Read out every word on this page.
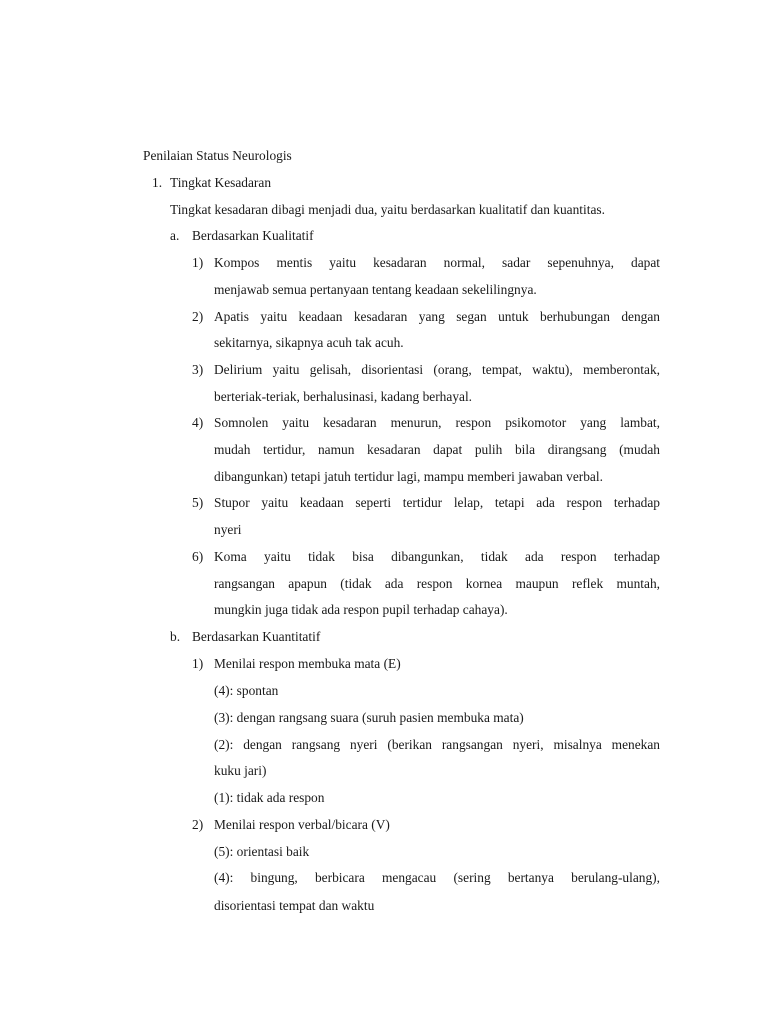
Penilaian Status Neurologis
1. Tingkat Kesadaran
Tingkat kesadaran dibagi menjadi dua, yaitu berdasarkan kualitatif dan kuantitas.
a. Berdasarkan Kualitatif
1) Kompos mentis yaitu kesadaran normal, sadar sepenuhnya, dapat
menjawab semua pertanyaan tentang keadaan sekelilingnya.
2) Apatis yaitu keadaan kesadaran yang segan untuk berhubungan dengan
sekitarnya, sikapnya acuh tak acuh.
3) Delirium yaitu gelisah, disorientasi (orang, tempat, waktu), memberontak,
berteriak-teriak, berhalusinasi, kadang berhayal.
4) Somnolen yaitu kesadaran menurun, respon psikomotor yang lambat,
mudah tertidur, namun kesadaran dapat pulih bila dirangsang (mudah
dibangunkan) tetapi jatuh tertidur lagi, mampu memberi jawaban verbal.
5) Stupor yaitu keadaan seperti tertidur lelap, tetapi ada respon terhadap
nyeri
6) Koma yaitu tidak bisa dibangunkan, tidak ada respon terhadap
rangsangan apapun (tidak ada respon kornea maupun reflek muntah,
mungkin juga tidak ada respon pupil terhadap cahaya).
b. Berdasarkan Kuantitatif
1) Menilai respon membuka mata (E)
(4): spontan
(3): dengan rangsang suara (suruh pasien membuka mata)
(2): dengan rangsang nyeri (berikan rangsangan nyeri, misalnya menekan
kuku jari)
(1): tidak ada respon
2) Menilai respon verbal/bicara (V)
(5): orientasi baik
(4): bingung, berbicara mengacau (sering bertanya berulang-ulang),
disorientasi tempat dan waktu
